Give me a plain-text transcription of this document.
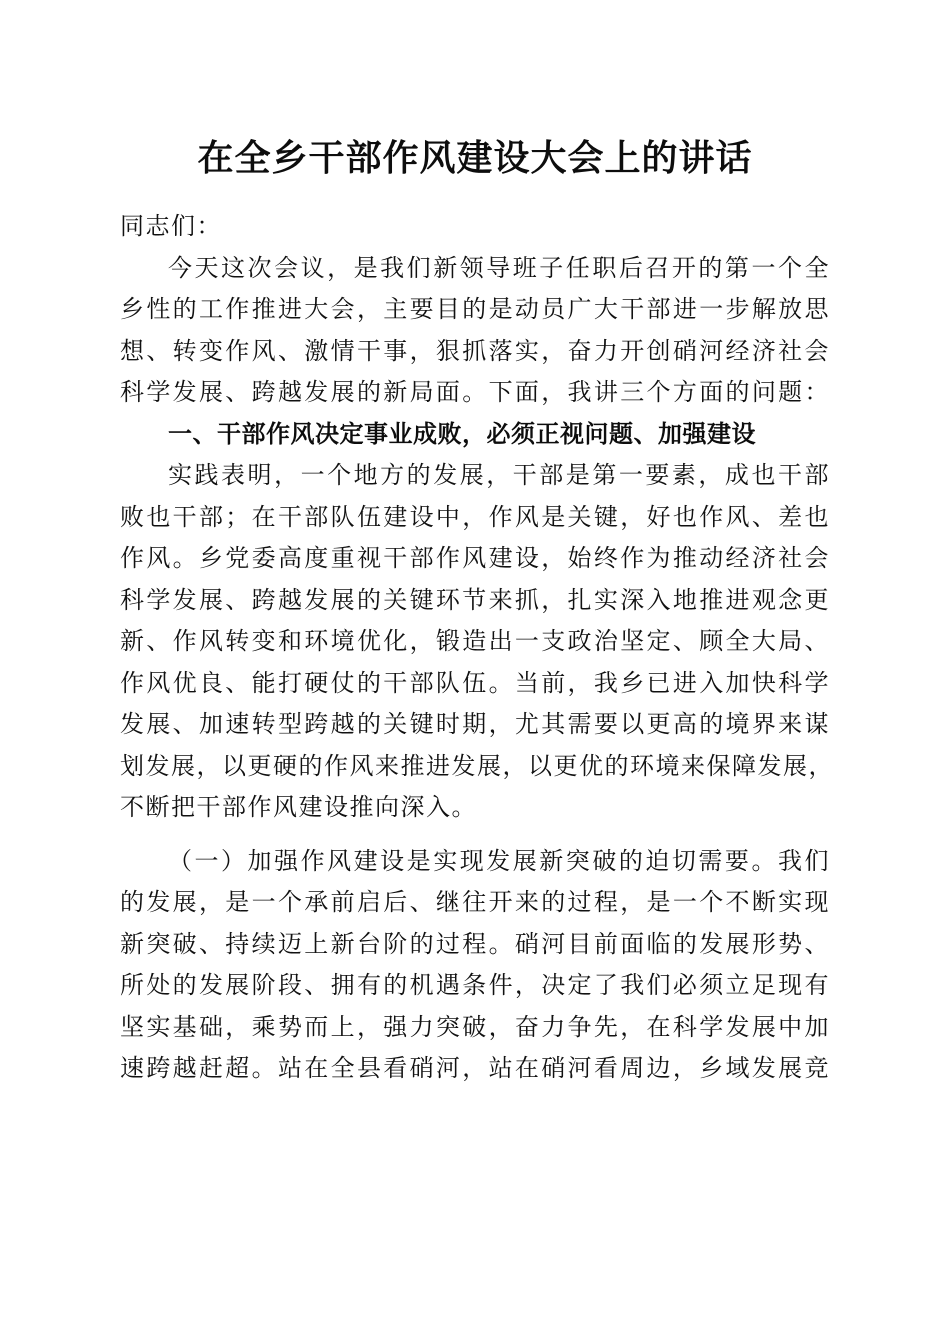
在全乡干部作风建设大会上的讲话
同志们：
今天这次会议，是我们新领导班子任职后召开的第一个全
乡性的工作推进大会，主要目的是动员广大干部进一步解放思
想、转变作风、激情干事，狠抓落实，奋力开创硝河经济社会
科学发展、跨越发展的新局面。下面，我讲三个方面的问题：
一、干部作风决定事业成败，必须正视问题、加强建设
实践表明，一个地方的发展，干部是第一要素，成也干部
败也干部；在干部队伍建设中，作风是关键，好也作风、差也
作风。乡党委高度重视干部作风建设，始终作为推动经济社会
科学发展、跨越发展的关键环节来抓，扎实深入地推进观念更
新、作风转变和环境优化，锻造出一支政治坚定、顾全大局、
作风优良、能打硬仗的干部队伍。当前，我乡已进入加快科学
发展、加速转型跨越的关键时期，尤其需要以更高的境界来谋
划发展，以更硬的作风来推进发展，以更优的环境来保障发展，
不断把干部作风建设推向深入。
（一）加强作风建设是实现发展新突破的迫切需要。我们
的发展，是一个承前启后、继往开来的过程，是一个不断实现
新突破、持续迈上新台阶的过程。硝河目前面临的发展形势、
所处的发展阶段、拥有的机遇条件，决定了我们必须立足现有
坚实基础，乘势而上，强力突破，奋力争先，在科学发展中加
速跨越赶超。站在全县看硝河，站在硝河看周边，乡域发展竞
